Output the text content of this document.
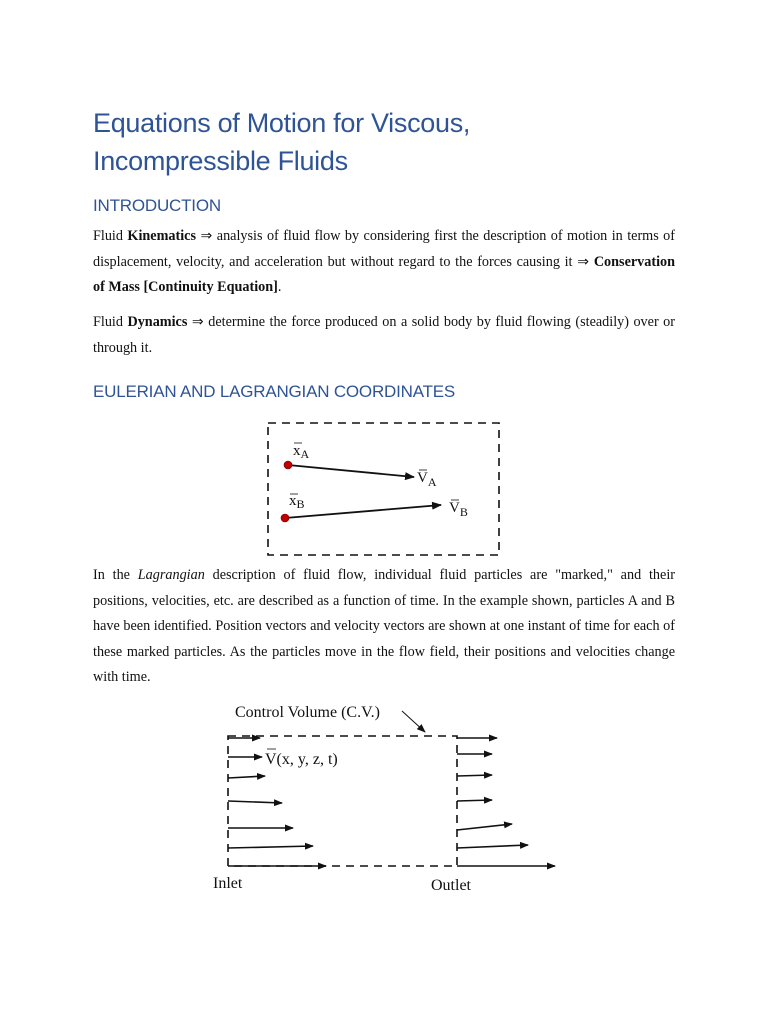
Equations of Motion for Viscous,
Incompressible Fluids
INTRODUCTION

Fluid Kinematics ⇒ analysis of fluid flow by considering first the description of motion in terms of displacement, velocity, and acceleration but without regard to the forces causing it ⇒ Conservation of Mass [Continuity Equation].

Fluid Dynamics ⇒ determine the force produced on a solid body by fluid flowing (steadily) over or through it.

EULERIAN AND LAGRANGIAN COORDINATES
$x_A$
$V_A$
$x_B$	$V_B$

In the Lagrangian description of fluid flow, individual fluid particles are "marked," and their positions, velocities, etc. are described as a function of time. In the example shown, particles A and B have been identified. Position vectors and velocity vectors are shown at one instant of time for each of these marked particles. As the particles move in the flow field, their positions and velocities change with time.

Control Volume (C.V.)
V(x, y, z, t)
Inlet	Outlet
